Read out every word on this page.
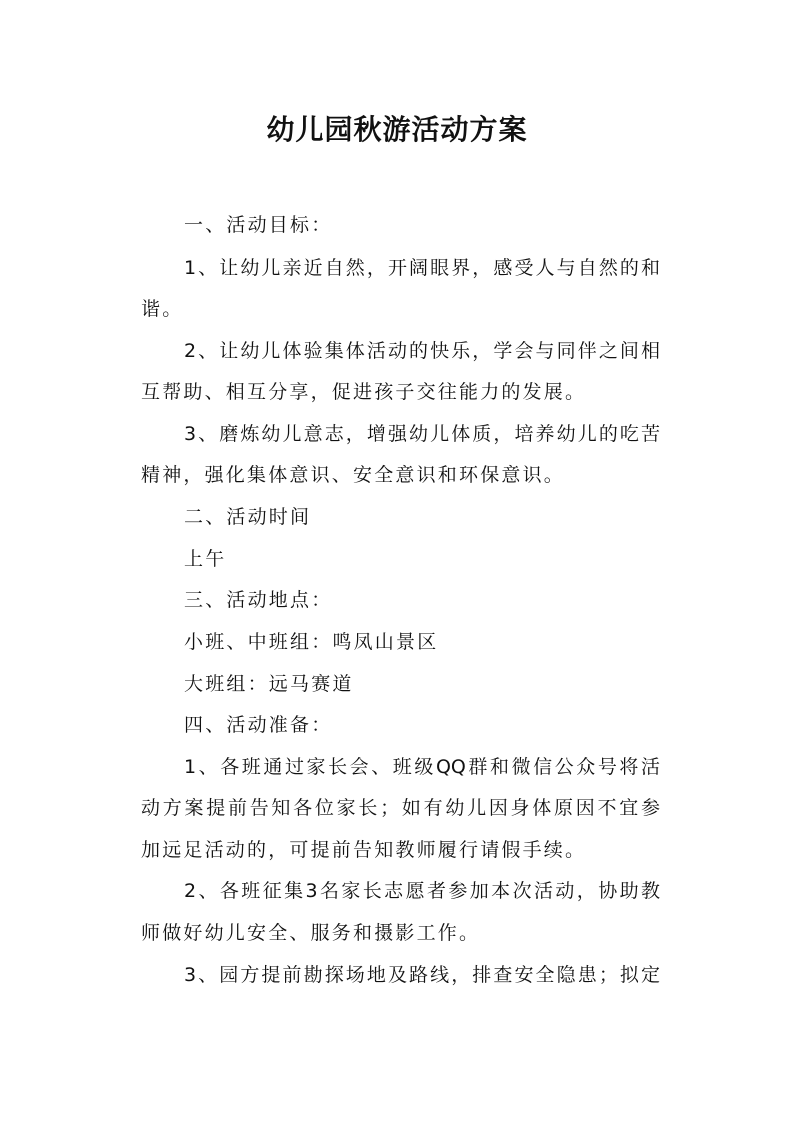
幼儿园秋游活动方案
一、活动目标：
1、让幼儿亲近自然，开阔眼界，感受人与自然的和
谐。
2、让幼儿体验集体活动的快乐，学会与同伴之间相
互帮助、相互分享，促进孩子交往能力的发展。
3、磨炼幼儿意志，增强幼儿体质，培养幼儿的吃苦
精神，强化集体意识、安全意识和环保意识。
二、活动时间
上午
三、活动地点：
小班、中班组：鸣凤山景区
大班组：远马赛道
四、活动准备：
1、各班通过家长会、班级QQ群和微信公众号将活
动方案提前告知各位家长；如有幼儿因身体原因不宜参
加远足活动的，可提前告知教师履行请假手续。
2、各班征集3名家长志愿者参加本次活动，协助教
师做好幼儿安全、服务和摄影工作。
3、园方提前勘探场地及路线，排查安全隐患；拟定
